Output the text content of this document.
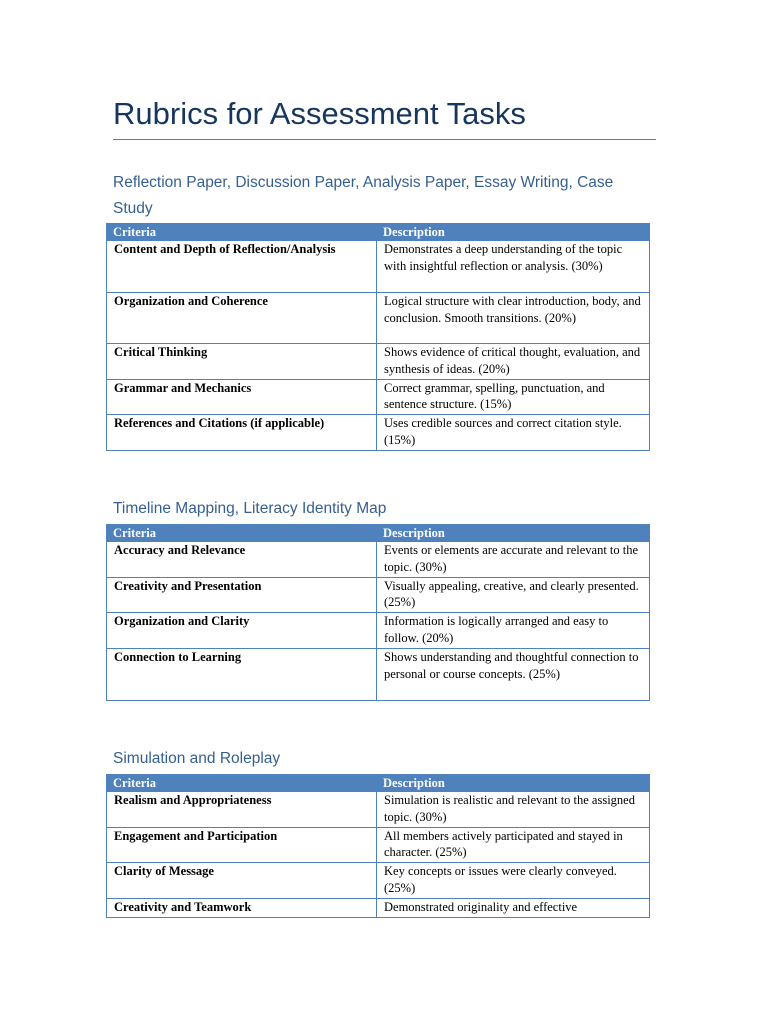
Rubrics for Assessment Tasks
Reflection Paper, Discussion Paper, Analysis Paper, Essay Writing, Case Study
Criteria	Description
Content and Depth of Reflection/Analysis	Demonstrates a deep understanding of the topic with insightful reflection or analysis. (30%)
Organization and Coherence	Logical structure with clear introduction, body, and conclusion. Smooth transitions. (20%)
Critical Thinking	Shows evidence of critical thought, evaluation, and synthesis of ideas. (20%)
Grammar and Mechanics	Correct grammar, spelling, punctuation, and sentence structure. (15%)
References and Citations (if applicable)	Uses credible sources and correct citation style. (15%)
Timeline Mapping, Literacy Identity Map
Criteria	Description
Accuracy and Relevance	Events or elements are accurate and relevant to the topic. (30%)
Creativity and Presentation	Visually appealing, creative, and clearly presented. (25%)
Organization and Clarity	Information is logically arranged and easy to follow. (20%)
Connection to Learning	Shows understanding and thoughtful connection to personal or course concepts. (25%)
Simulation and Roleplay
Criteria	Description
Realism and Appropriateness	Simulation is realistic and relevant to the assigned topic. (30%)
Engagement and Participation	All members actively participated and stayed in character. (25%)
Clarity of Message	Key concepts or issues were clearly conveyed. (25%)
Creativity and Teamwork	Demonstrated originality and effective
